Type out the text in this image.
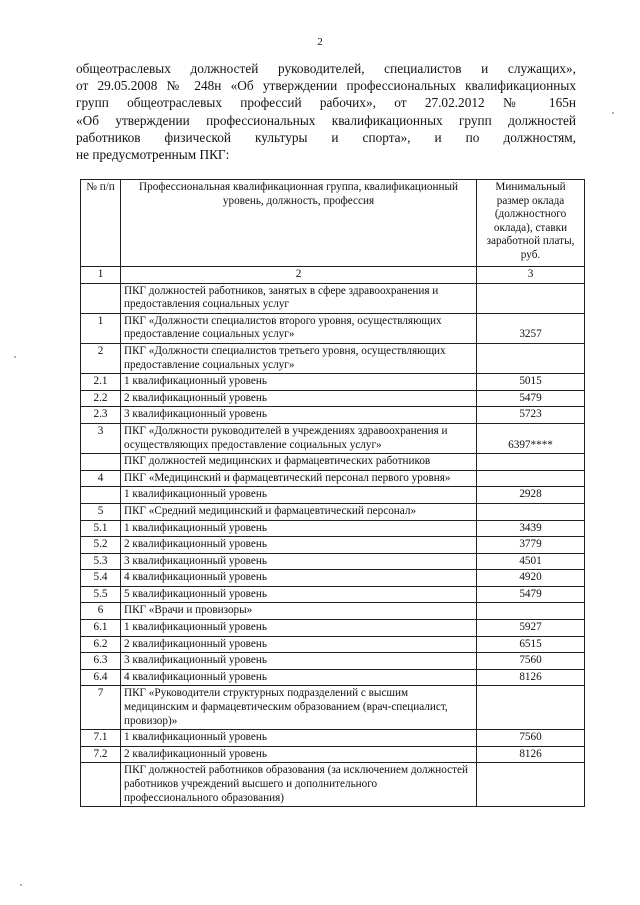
2
общеотраслевых должностей руководителей, специалистов и служащих»,
от 29.05.2008 № 248н «Об утверждении профессиональных квалификационных
групп общеотраслевых профессий рабочих», от 27.02.2012 № 165н
«Об утверждении профессиональных квалификационных групп должностей
работников физической культуры и спорта», и по должностям,
не предусмотренным ПКГ:
№ п/п	Профессиональная квалификационная группа, квалификационный уровень, должность, профессия	Минимальный размер оклада (должностного оклада), ставки заработной платы, руб.
1	2	3
	ПКГ должностей работников, занятых в сфере здравоохранения и предоставления социальных услуг	
1	ПКГ «Должности специалистов второго уровня, осуществляющих предоставление социальных услуг»	3257
2	ПКГ «Должности специалистов третьего уровня, осуществляющих предоставление социальных услуг»	
2.1	1 квалификационный уровень	5015
2.2	2 квалификационный уровень	5479
2.3	3 квалификационный уровень	5723
3	ПКГ «Должности руководителей в учреждениях здравоохранения и осуществляющих предоставление социальных услуг»	6397****
	ПКГ должностей медицинских и фармацевтических работников	
4	ПКГ «Медицинский и фармацевтический персонал первого уровня»	
	1 квалификационный уровень	2928
5	ПКГ «Средний медицинский и фармацевтический персонал»	
5.1	1 квалификационный уровень	3439
5.2	2 квалификационный уровень	3779
5.3	3 квалификационный уровень	4501
5.4	4 квалификационный уровень	4920
5.5	5 квалификационный уровень	5479
6	ПКГ «Врачи и провизоры»	
6.1	1 квалификационный уровень	5927
6.2	2 квалификационный уровень	6515
6.3	3 квалификационный уровень	7560
6.4	4 квалификационный уровень	8126
7	ПКГ «Руководители структурных подразделений с высшим медицинским и фармацевтическим образованием (врач-специалист, провизор)»	
7.1	1 квалификационный уровень	7560
7.2	2 квалификационный уровень	8126
	ПКГ должностей работников образования (за исключением должностей работников учреждений высшего и дополнительного профессионального образования)	
